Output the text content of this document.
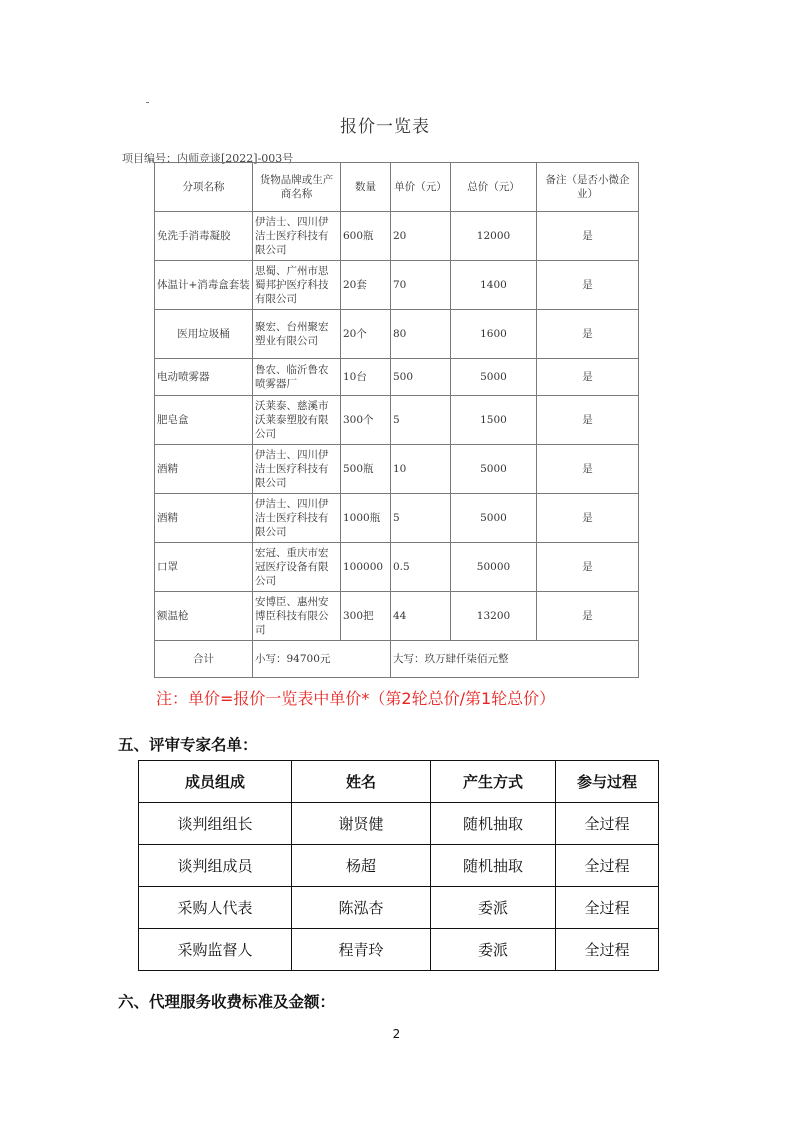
报价一览表
项目编号：内师竞谈[2022]-003号
分项名称	货物品牌或生产商名称	数量	单价（元）	总价（元）	备注（是否小微企业）
免洗手消毒凝胶	伊洁士、四川伊洁士医疗科技有限公司	600瓶	20	12000	是
体温计+消毒盒套装	思蜀、广州市思蜀邦护医疗科技有限公司	20套	70	1400	是
医用垃圾桶	聚宏、台州聚宏塑业有限公司	20个	80	1600	是
电动喷雾器	鲁农、临沂鲁农喷雾器厂	10台	500	5000	是
肥皂盒	沃莱泰、慈溪市沃莱泰塑胶有限公司	300个	5	1500	是
酒精	伊洁士、四川伊洁士医疗科技有限公司	500瓶	10	5000	是
酒精	伊洁士、四川伊洁士医疗科技有限公司	1000瓶	5	5000	是
口罩	宏冠、重庆市宏冠医疗设备有限公司	100000	0.5	50000	是
额温枪	安博臣、惠州安博臣科技有限公司	300把	44	13200	是
合计	小写：94700元		大写：玖万肆仟柒佰元整		
注：单价=报价一览表中单价*（第2轮总价/第1轮总价）
五、评审专家名单：
成员组成	姓名	产生方式	参与过程
谈判组组长	谢贤健	随机抽取	全过程
谈判组成员	杨超	随机抽取	全过程
采购人代表	陈泓杏	委派	全过程
采购监督人	程青玲	委派	全过程
六、代理服务收费标准及金额：
2
